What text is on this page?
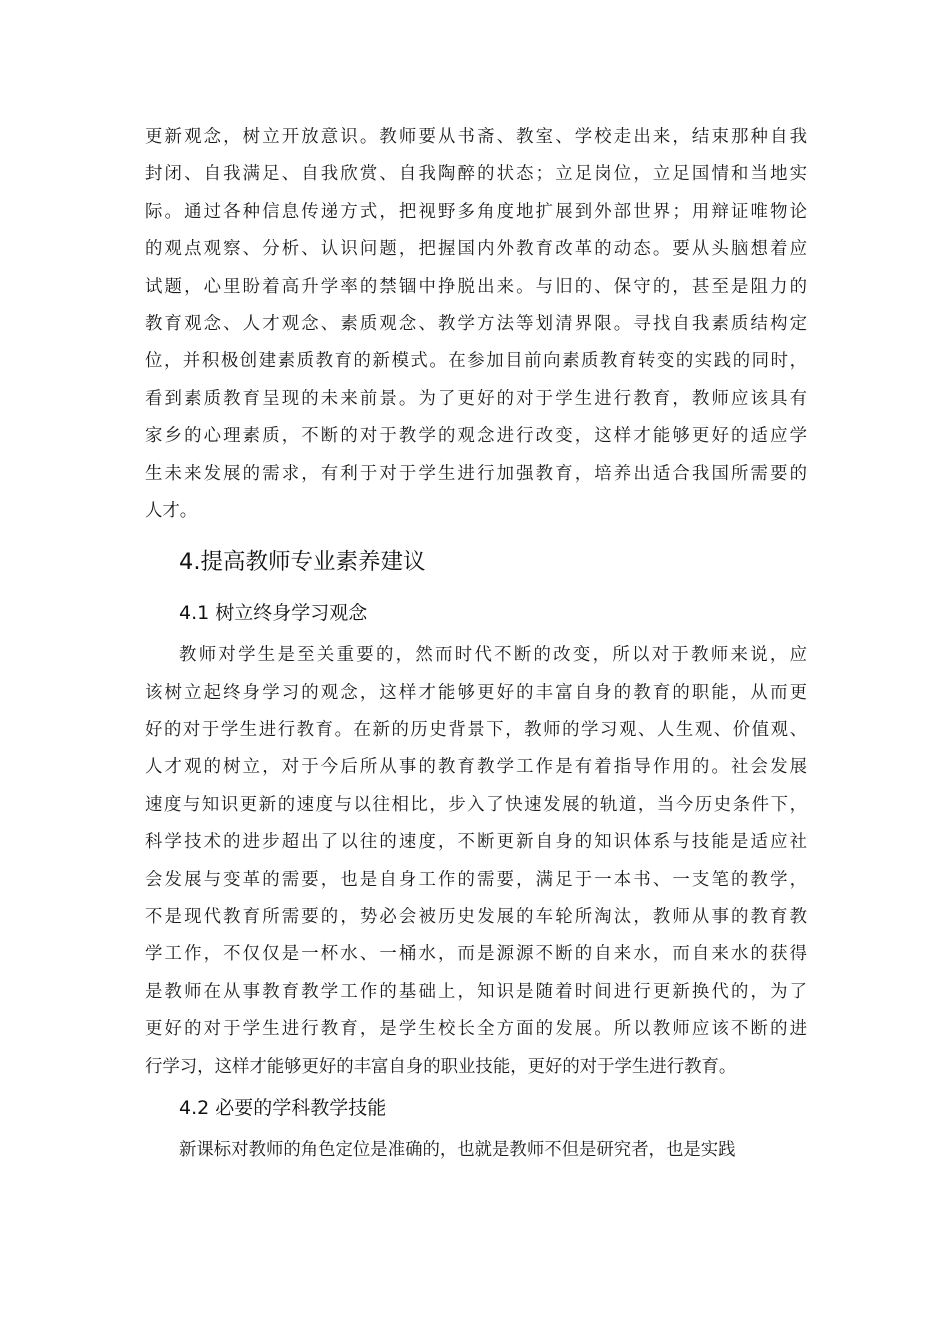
更新观念，树立开放意识。教师要从书斋、教室、学校走出来，结束那种自我
封闭、自我满足、自我欣赏、自我陶醉的状态；立足岗位，立足国情和当地实
际。通过各种信息传递方式，把视野多角度地扩展到外部世界；用辩证唯物论
的观点观察、分析、认识问题，把握国内外教育改革的动态。要从头脑想着应
试题，心里盼着高升学率的禁锢中挣脱出来。与旧的、保守的，甚至是阻力的
教育观念、人才观念、素质观念、教学方法等划清界限。寻找自我素质结构定
位，并积极创建素质教育的新模式。在参加目前向素质教育转变的实践的同时，
看到素质教育呈现的未来前景。为了更好的对于学生进行教育，教师应该具有
家乡的心理素质，不断的对于教学的观念进行改变，这样才能够更好的适应学
生未来发展的需求，有利于对于学生进行加强教育，培养出适合我国所需要的
人才。
4.提高教师专业素养建议
4.1 树立终身学习观念
教师对学生是至关重要的，然而时代不断的改变，所以对于教师来说，应
该树立起终身学习的观念，这样才能够更好的丰富自身的教育的职能，从而更
好的对于学生进行教育。在新的历史背景下，教师的学习观、人生观、价值观、
人才观的树立，对于今后所从事的教育教学工作是有着指导作用的。社会发展
速度与知识更新的速度与以往相比，步入了快速发展的轨道，当今历史条件下，
科学技术的进步超出了以往的速度，不断更新自身的知识体系与技能是适应社
会发展与变革的需要，也是自身工作的需要，满足于一本书、一支笔的教学，
不是现代教育所需要的，势必会被历史发展的车轮所淘汰，教师从事的教育教
学工作，不仅仅是一杯水、一桶水，而是源源不断的自来水，而自来水的获得
是教师在从事教育教学工作的基础上，知识是随着时间进行更新换代的，为了
更好的对于学生进行教育，是学生校长全方面的发展。所以教师应该不断的进
行学习，这样才能够更好的丰富自身的职业技能，更好的对于学生进行教育。
4.2 必要的学科教学技能
新课标对教师的角色定位是准确的，也就是教师不但是研究者，也是实践
